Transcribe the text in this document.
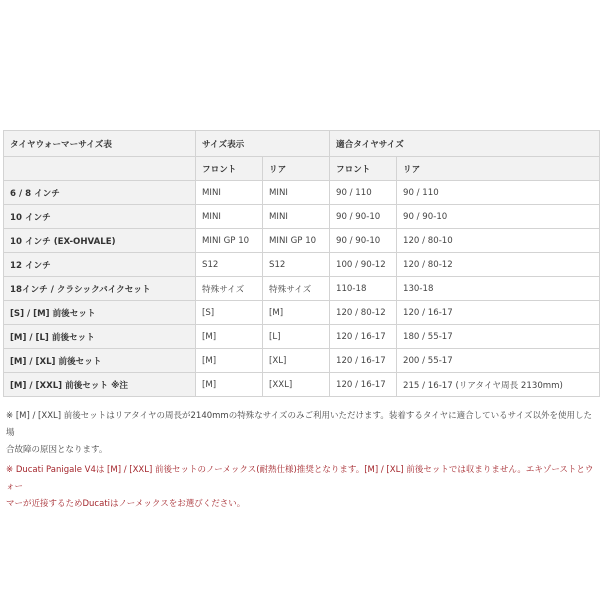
タイヤウォーマーサイズ表	サイズ表示		適合タイヤサイズ	
	フロント	リア	フロント	リア
6 / 8 インチ	MINI	MINI	90 / 110	90 / 110
10 インチ	MINI	MINI	90 / 90-10	90 / 90-10
10 インチ (EX-OHVALE)	MINI GP 10	MINI GP 10	90 / 90-10	120 / 80-10
12 インチ	S12	S12	100 / 90-12	120 / 80-12
18インチ / クラシックバイクセット	特殊サイズ	特殊サイズ	110-18	130-18
[S] / [M] 前後セット	[S]	[M]	120 / 80-12	120 / 16-17
[M] / [L] 前後セット	[M]	[L]	120 / 16-17	180 / 55-17
[M] / [XL] 前後セット	[M]	[XL]	120 / 16-17	200 / 55-17
[M] / [XXL] 前後セット ※注	[M]	[XXL]	120 / 16-17	215 / 16-17 (リアタイヤ周長 2130mm)

※ [M] / [XXL] 前後セットはリアタイヤの周長が2140mmの特殊なサイズのみご利用いただけます。装着するタイヤに適合しているサイズ以外を使用した場
合故障の原因となります。

※ Ducati Panigale V4は [M] / [XXL] 前後セットのノーメックス(耐熱仕様)推奨となります。[M] / [XL] 前後セットでは収まりません。エキゾーストとウォー
マーが近接するためDucatiはノーメックスをお選びください。
